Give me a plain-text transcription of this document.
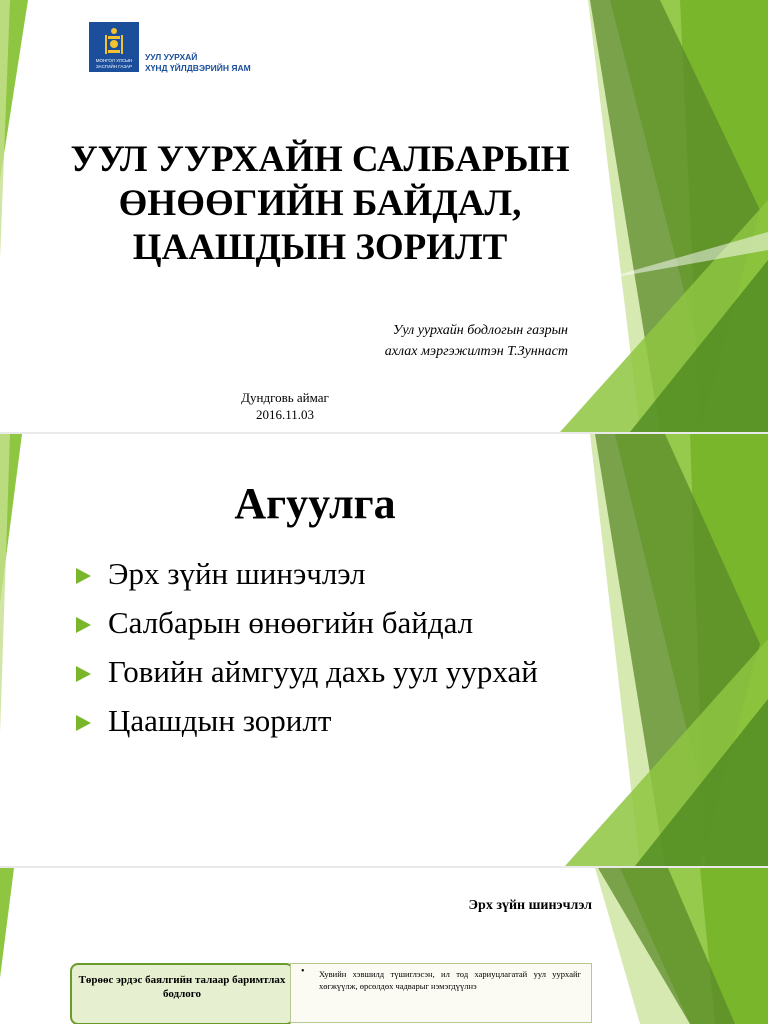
МОНГОЛ УЛСЫН
ЗАСГИЙН ГАЗАР
УУЛ УУРХАЙ
ХҮНД ҮЙЛДВЭРИЙН ЯАМ
УУЛ УУРХАЙН САЛБАРЫН
ӨНӨӨГИЙН БАЙДАЛ,
ЦААШДЫН ЗОРИЛТ
Уул уурхайн бодлогын газрын
ахлах мэргэжилтэн Т.Зуннаст
Дундговь аймаг
2016.11.03
Агуулга
Эрх зүйн шинэчлэл
Салбарын өнөөгийн байдал
Говийн аймгууд дахь уул уурхай
Цаашдын зорилт
Эрх зүйн шинэчлэл
Төрөөс эрдэс баялгийн талаар баримтлах бодлого
• Хувийн хэвшилд түшиглэсэн, ил тод хариуцлагатай уул уурхайг хөгжүүлж, өрсөлдөх чадварыг нэмэгдүүлнэ
